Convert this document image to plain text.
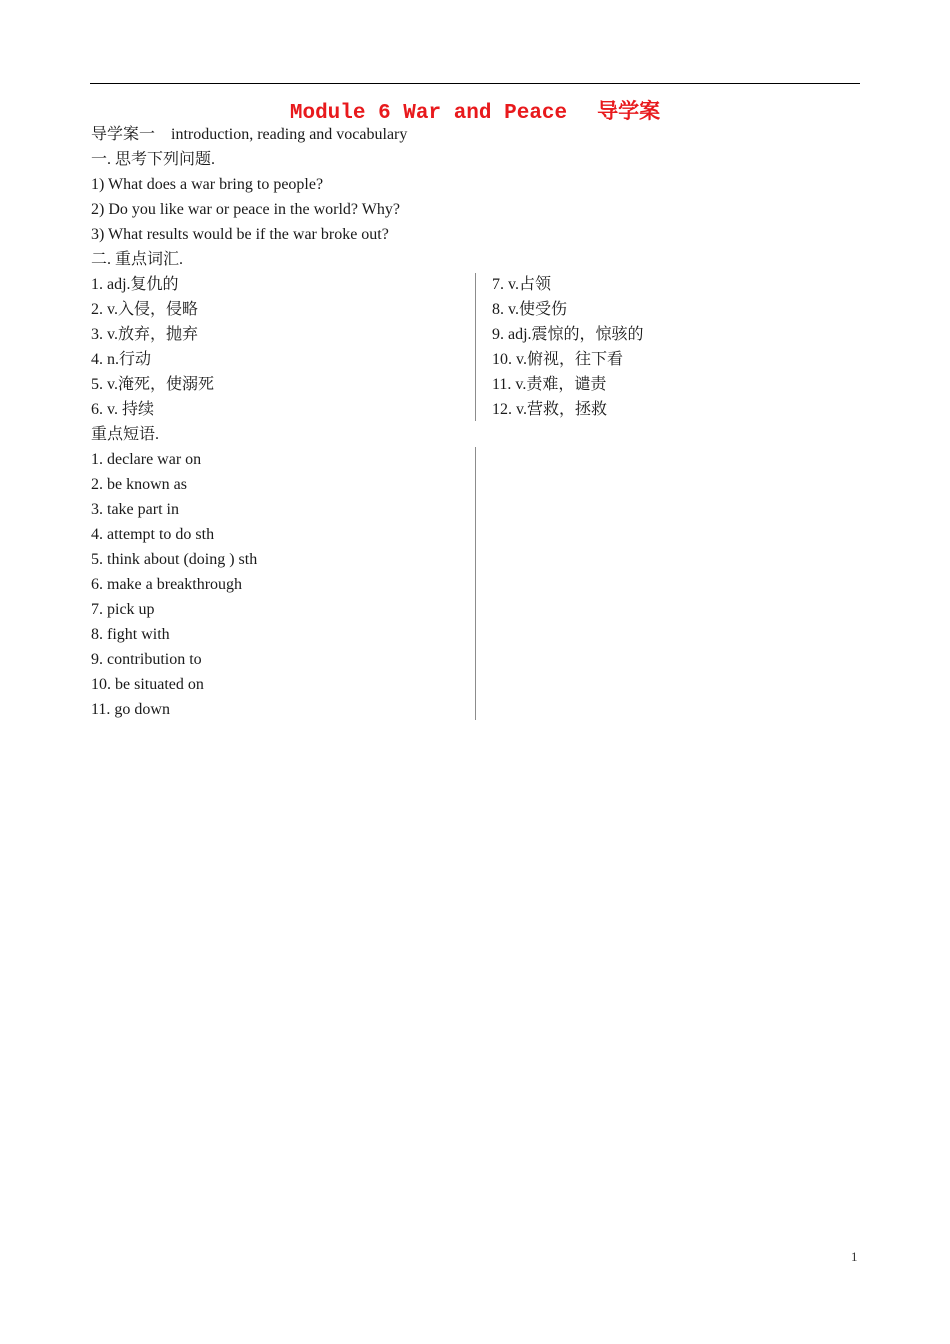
Module 6 War and Peace 导学案
导学案一 introduction, reading and vocabulary
一. 思考下列问题.
1) What does a war bring to people?
2) Do you like war or peace in the world? Why?
3) What results would be if the war broke out?
二. 重点词汇.
1. adj.复仇的
2. v.入侵，侵略
3. v.放弃，抛弃
4. n.行动
5. v.淹死，使溺死
6. v. 持续
7. v.占领
8. v.使受伤
9. adj.震惊的，惊骇的
10. v.俯视，往下看
11. v.责难，谴责
12. v.营救，拯救
重点短语.
1. declare war on
2. be known as
3. take part in
4. attempt to do sth
5. think about (doing ) sth
6. make a breakthrough
7. pick up
8. fight with
9. contribution to
10. be situated on
11. go down
1
